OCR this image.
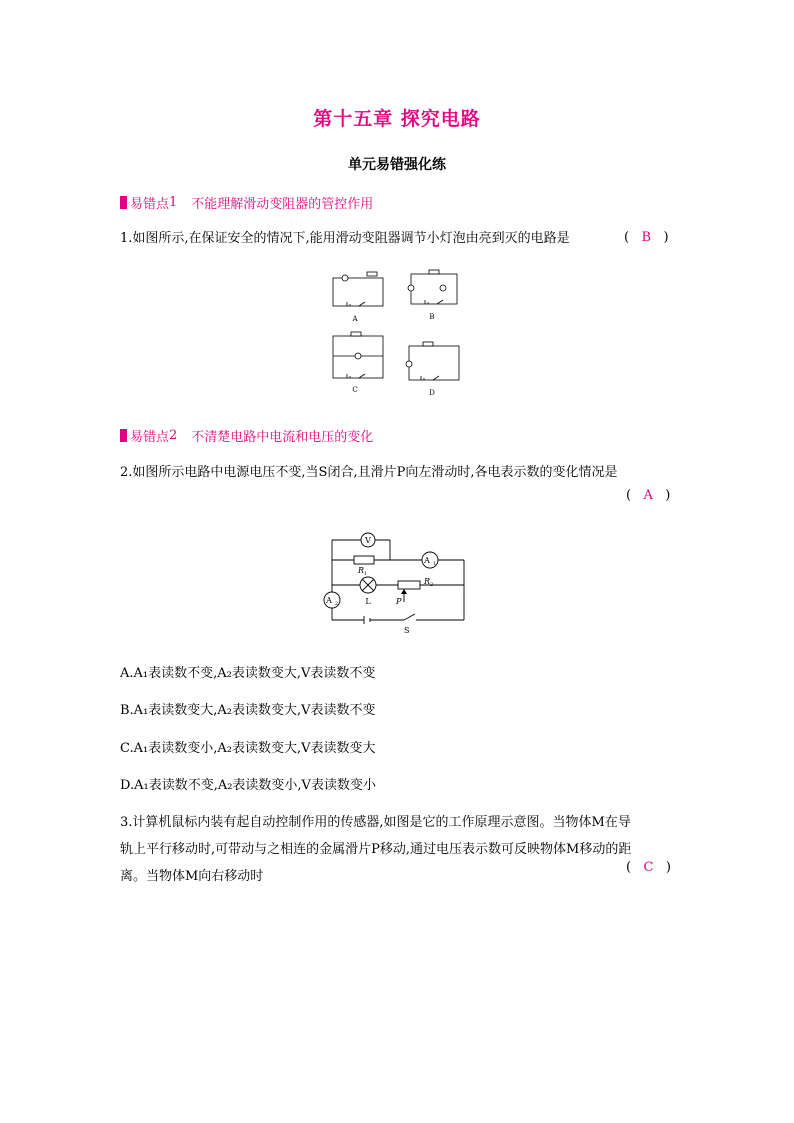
第十五章 探究电路
单元易错强化练
易错点 1 不能理解滑动变阻器的管控作用
1.如图所示,在保证安全的情况下,能用滑动变阻器调节小灯泡由亮到灭的电路是	( B )
A	B
C	D
易错点 2 不清楚电路中电流和电压的变化
2.如图所示电路中电源电压不变,当S闭合,且滑片P向左滑动时,各电表示数的变化情况是
( A )
V
A 1
A 2
R 1
R 2
L	P
S
A.A₁表读数不变,A₂表读数变大,V表读数不变
B.A₁表读数变大,A₂表读数变大,V表读数不变
C.A₁表读数变小,A₂表读数变大,V表读数变大
D.A₁表读数不变,A₂表读数变小,V表读数变小
3.计算机鼠标内装有起自动控制作用的传感器,如图是它的工作原理示意图。当物体M在导
轨上平行移动时,可带动与之相连的金属滑片P移动,通过电压表示数可反映物体M移动的距
离。当物体M向右移动时
( C )
